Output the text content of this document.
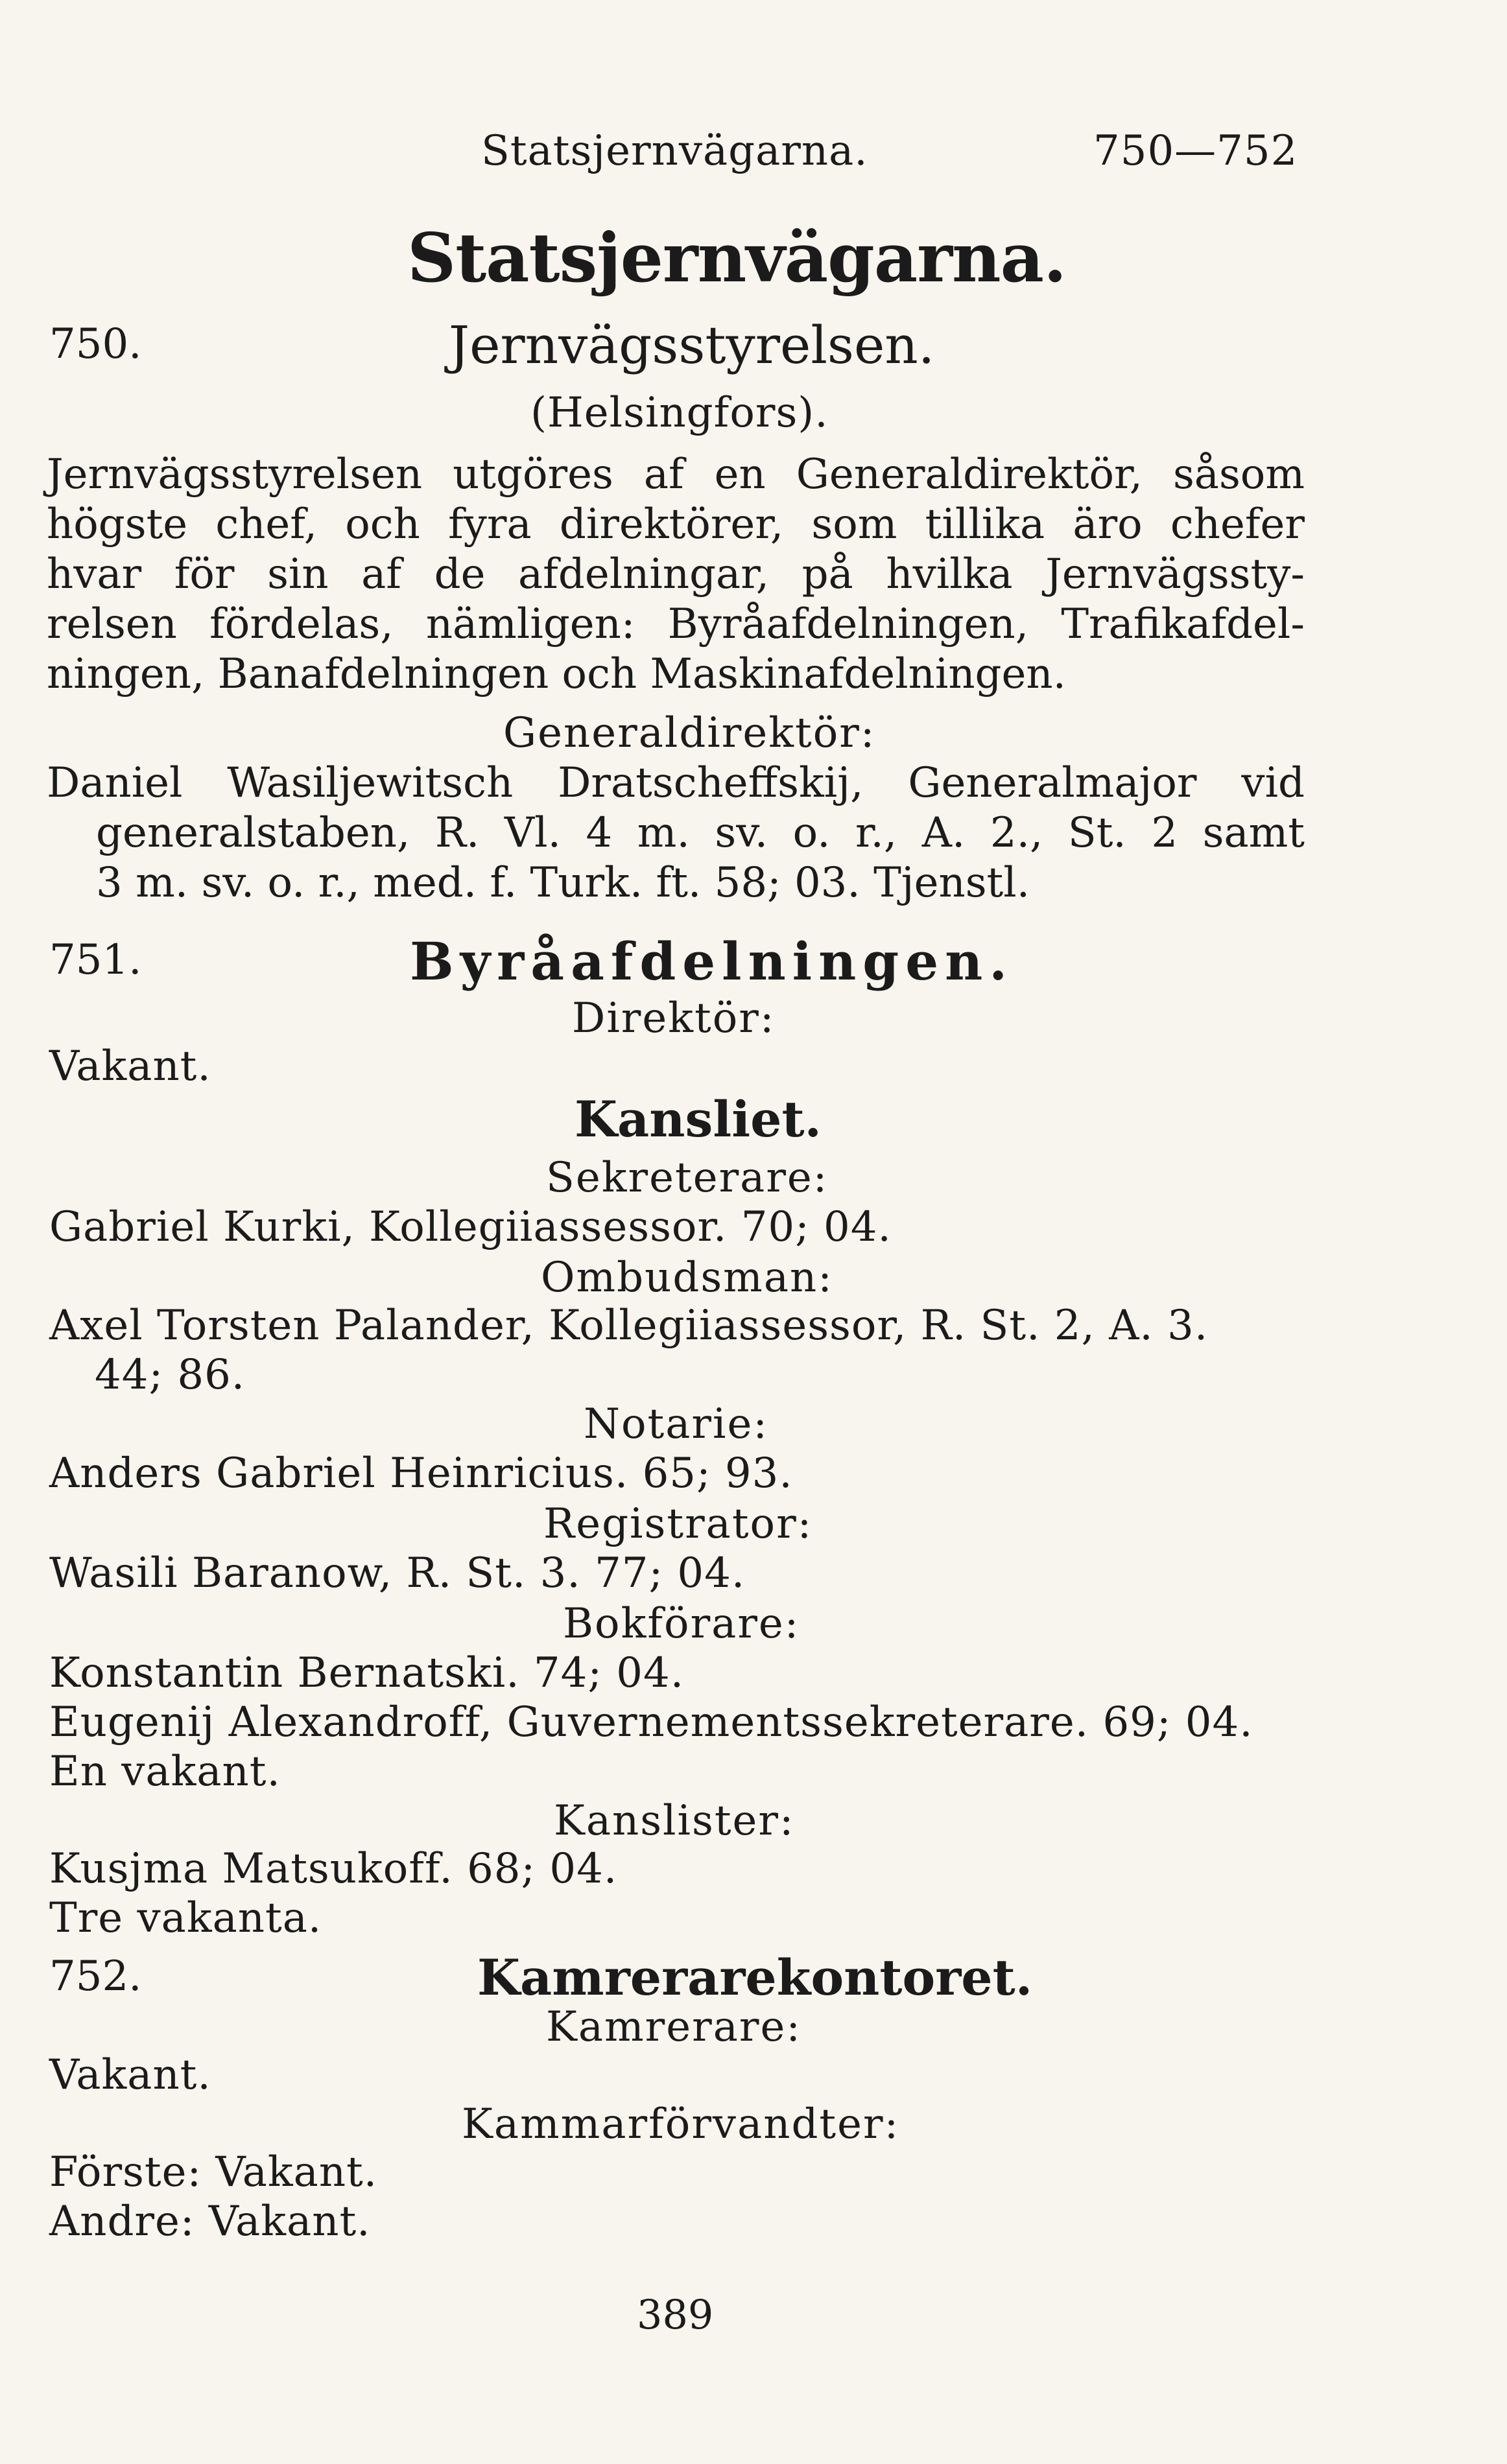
Statsjernvägarna.	750—752
Statsjernvägarna.
750.	Jernvägsstyrelsen.
(Helsingfors).
Jernvägsstyrelsen utgöres af en Generaldirektör, såsom
högste chef, och fyra direktörer, som tillika äro chefer
hvar för sin af de afdelningar, på hvilka Jernvägssty-
relsen fördelas, nämligen: Byråafdelningen, Trafikafdel-
ningen, Banafdelningen och Maskinafdelningen.
Generaldirektör:
Daniel Wasiljewitsch Dratscheffskij, Generalmajor vid
generalstaben, R. Vl. 4 m. sv. o. r., A. 2., St. 2 samt
3 m. sv. o. r., med. f. Turk. ft. 58; 03. Tjenstl.
751.	Byråafdelningen.
Direktör:
Vakant.
Kansliet.
Sekreterare:
Gabriel Kurki, Kollegiiassessor. 70; 04.
Ombudsman:
Axel Torsten Palander, Kollegiiassessor, R. St. 2, A. 3.
44; 86.
Notarie:
Anders Gabriel Heinricius. 65; 93.
Registrator:
Wasili Baranow, R. St. 3. 77; 04.
Bokförare:
Konstantin Bernatski. 74; 04.
Eugenij Alexandroff, Guvernementssekreterare. 69; 04.
En vakant.
Kanslister:
Kusjma Matsukoff. 68; 04.
Tre vakanta.
752.	Kamrerarekontoret.
Kamrerare:
Vakant.
Kammarförvandter:
Förste: Vakant.
Andre: Vakant.
389
